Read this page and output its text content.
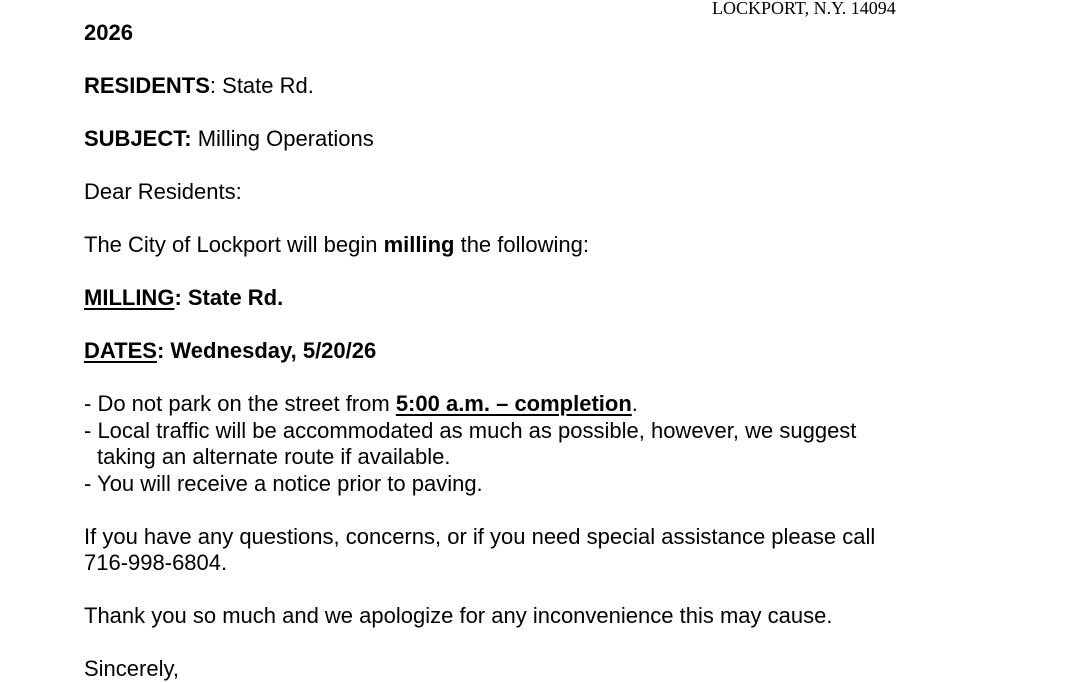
LOCKPORT, N.Y. 14094
2026
RESIDENTS: State Rd.
SUBJECT: Milling Operations
Dear Residents:
The City of Lockport will begin milling the following:
MILLING: State Rd.
DATES: Wednesday, 5/20/26
- Do not park on the street from 5:00 a.m. – completion.
- Local traffic will be accommodated as much as possible, however, we suggest
taking an alternate route if available.
- You will receive a notice prior to paving.
If you have any questions, concerns, or if you need special assistance please call
716-998-6804.
Thank you so much and we apologize for any inconvenience this may cause.
Sincerely,
